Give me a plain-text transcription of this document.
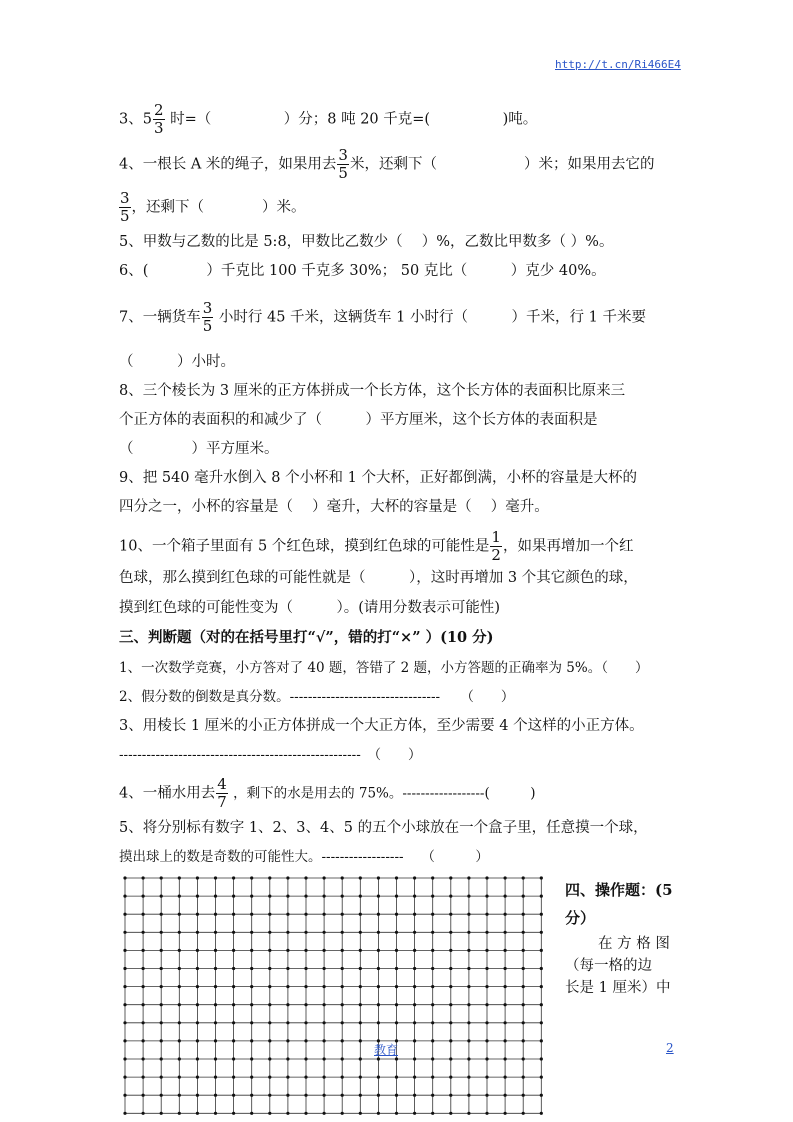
http://t.cn/Ri466E4
3、$5 \frac{2}{3}$ 时=（　　　　　）分；8 吨 20 千克=(　　　　　)吨。
4、一根长 A 米的绳子，如果用去 $\frac{3}{5}$ 米，还剩下（　　　　　　）米；如果用去它的
$\frac{3}{5}$ ，还剩下（　　　　）米。
5、甲数与乙数的比是 5:8，甲数比乙数少（　 ）%，乙数比甲数多（ ）%。
6、(　　　　）千克比 100 千克多 30%； 50 克比（　　　）克少 40%。
7、一辆货车 $\frac{3}{5}$ 小时行 45 千米，这辆货车 1 小时行（　　　）千米，行 1 千米要
（　　　）小时。
8、三个棱长为 3 厘米的正方体拼成一个长方体，这个长方体的表面积比原来三
个正方体的表面积的和减少了（　　　）平方厘米，这个长方体的表面积是
（　　　　）平方厘米。
9、把 540 毫升水倒入 8 个小杯和 1 个大杯，正好都倒满，小杯的容量是大杯的
四分之一，小杯的容量是（　 ）毫升，大杯的容量是（　 ）毫升。
10、一个箱子里面有 5 个红色球，摸到红色球的可能性是 $\frac{1}{2}$ ，如果再增加一个红
色球，那么摸到红色球的可能性就是（　　　），这时再增加 3 个其它颜色的球，
摸到红色球的可能性变为（　　　）。(请用分数表示可能性)
三、判断题（对的在括号里打“√”，错的打“×” ）(10 分)
1、一次数学竞赛，小方答对了 40 题，答错了 2 题，小方答题的正确率为 5%。（　　）
2、假分数的倒数是真分数。---------------------------------　　（　　）
3、用棱长 1 厘米的小正方体拼成一个大正方体，至少需要 4 个这样的小正方体。
-----------------------------------------------------　（　　）
4、一桶水用去 $\frac{4}{7}$ ，剩下的水是用去的 75%。------------------(　　　)
5、将分别标有数字 1、2、3、4、5 的五个小球放在一个盒子里，任意摸一个球，
摸出球上的数是奇数的可能性大。------------------　 （　　　）
四、操作题：(5
分）
在 方 格 图
（每一格的边
长是 1 厘米）中
教育	2
